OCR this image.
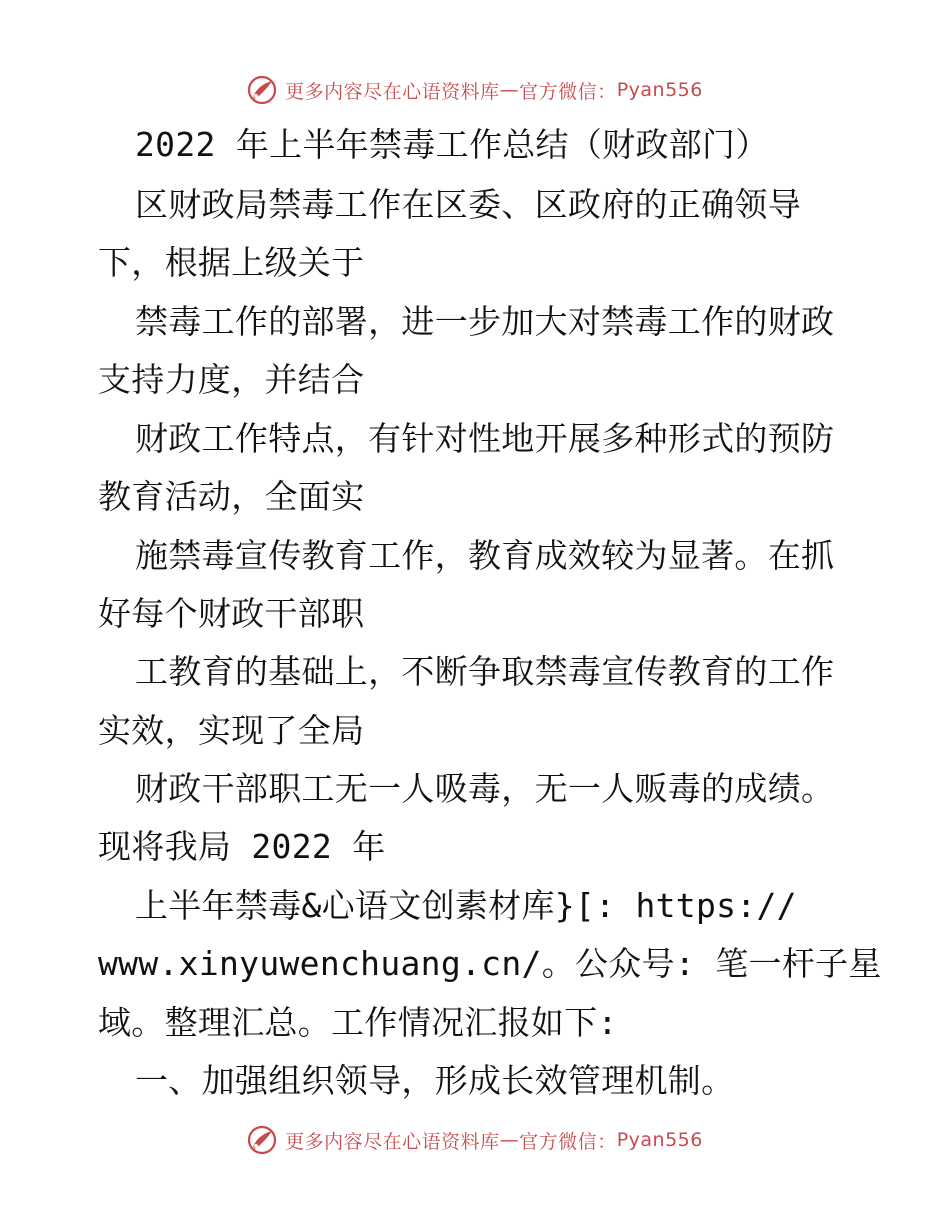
更多内容尽在心语资料库 — 官方微信： Pyan556
2022 年上半年禁毒工作总结（财政部门）
区财政局禁毒工作在区委、区政府的正确领导
下，根据上级关于
禁毒工作的部署，进一步加大对禁毒工作的财政
支持力度，并结合
财政工作特点，有针对性地开展多种形式的预防
教育活动，全面实
施禁毒宣传教育工作，教育成效较为显著。在抓
好每个财政干部职
工教育的基础上，不断争取禁毒宣传教育的工作
实效，实现了全局
财政干部职工无一人吸毒，无一人贩毒的成绩。
现将我局 2022 年
上半年禁毒&心语文创素材库}[: https://
www.xinyuwenchuang.cn/。公众号: 笔一杆子星
域。整理汇总。工作情况汇报如下:
一、加强组织领导，形成长效管理机制。
更多内容尽在心语资料库 — 官方微信： Pyan556
